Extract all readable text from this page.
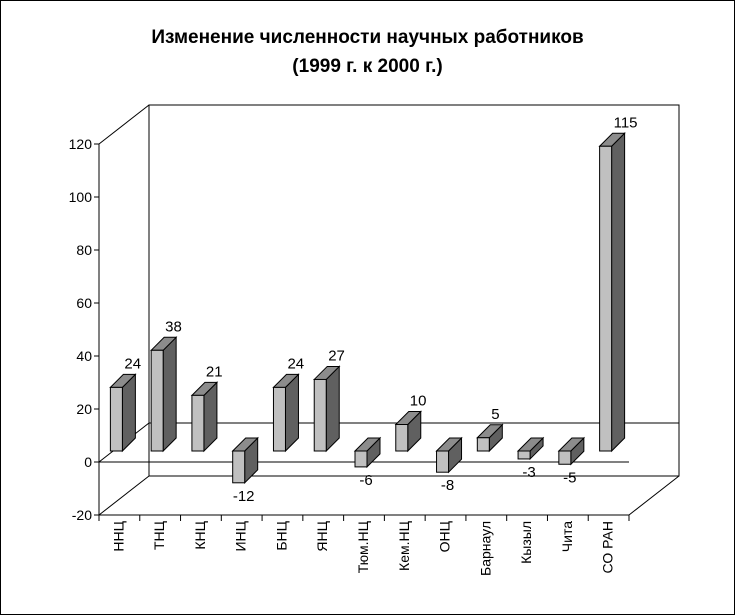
Изменение численности научных работников
(1999 г. к 2000 г.)
120
100
80
60
40
20
0
-20
24
38
21
-12
24 27
-6
10
-8
5
-3 -5
115
ННЦ ТНЦ КНЦ ИНЦ БНЦ ЯНЦ Тюм.НЦ Кем.НЦ ОНЦ Барнаул Кызыл Чита СО РАН
